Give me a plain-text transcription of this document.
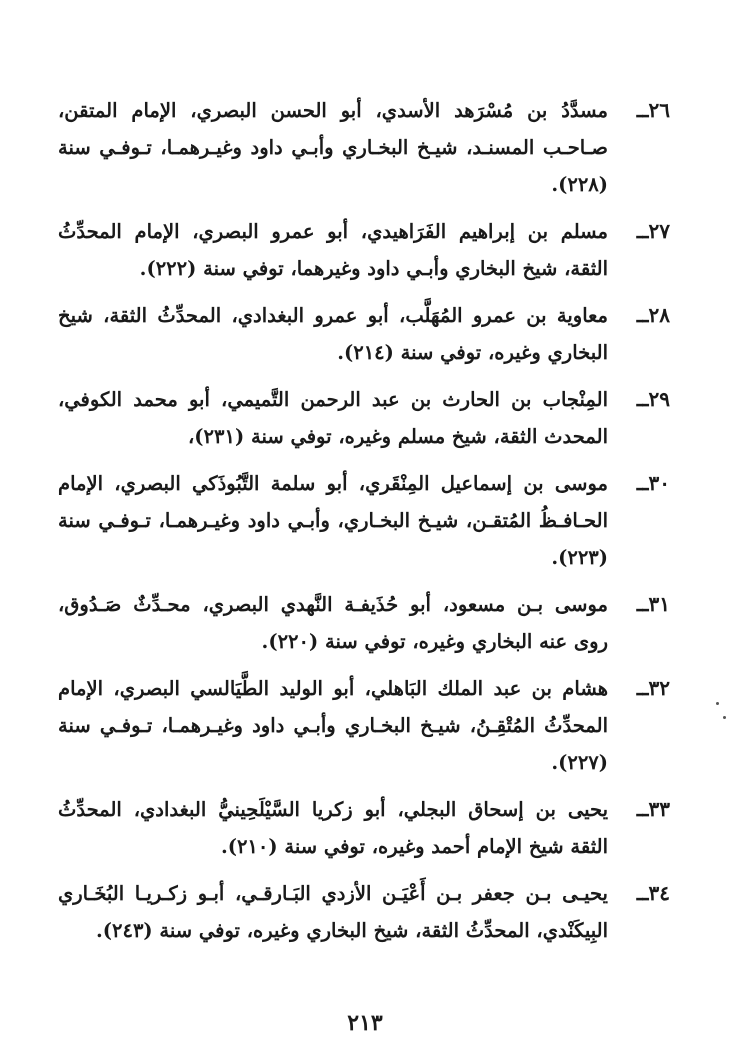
٢٦ــ
مسدَّدُ بن مُسْرَهد الأسدي، أبو الحسن البصري، الإمام المتقن، صـاحـب المسنـد، شيـخ البخـاري وأبـي داود وغيـرهمـا، تـوفـي سنة (٢٢٨).
٢٧ــ
مسلم بن إبراهيم الفَرَاهيدي، أبو عمرو البصري، الإمام المحدِّثُ الثقة، شيخ البخاري وأبـي داود وغيرهما، توفي سنة (٢٢٢).
٢٨ــ
معاوية بن عمرو المُهَلَّب، أبو عمرو البغدادي، المحدِّثُ الثقة، شيخ البخاري وغيره، توفي سنة (٢١٤).
٢٩ــ
المِنْجاب بن الحارث بن عبد الرحمن التَّميمي، أبو محمد الكوفي، المحدث الثقة، شيخ مسلم وغيره، توفي سنة (٢٣١)،
٣٠ــ
موسى بن إسماعيل المِنْقَري، أبو سلمة التَّبُوذَكي البصري، الإمام الحـافـظُ المُتقـن، شيـخ البخـاري، وأبـي داود وغيـرهمـا، تـوفـي سنة (٢٢٣).
٣١ــ
موسى بـن مسعود، أبو حُذَيفـة النَّهدي البصري، محـدِّثٌ صَـدُوق، روى عنه البخاري وغيره، توفي سنة (٢٢٠).
٣٢ــ
هشام بن عبد الملك البَاهلي، أبو الوليد الطَّيَالسي البصري، الإمام المحدِّثُ المُتْقِـنُ، شيـخ البخـاري وأبـي داود وغيـرهمـا، تـوفـي سنة (٢٢٧).
٣٣ــ
يحيى بن إسحاق البجلي، أبو زكريا السَّيْلَحِينيُّ البغدادي، المحدِّثُ الثقة شيخ الإمام أحمد وغيره، توفي سنة (٢١٠).
٣٤ــ
يحيـى بـن جعفر بـن أَعْيَـن الأزدي البَـارقـي، أبـو زكـريـا البُخَـاري البِيكَنْدي، المحدِّثُ الثقة، شيخ البخاري وغيره، توفي سنة (٢٤٣).
٢١٣
